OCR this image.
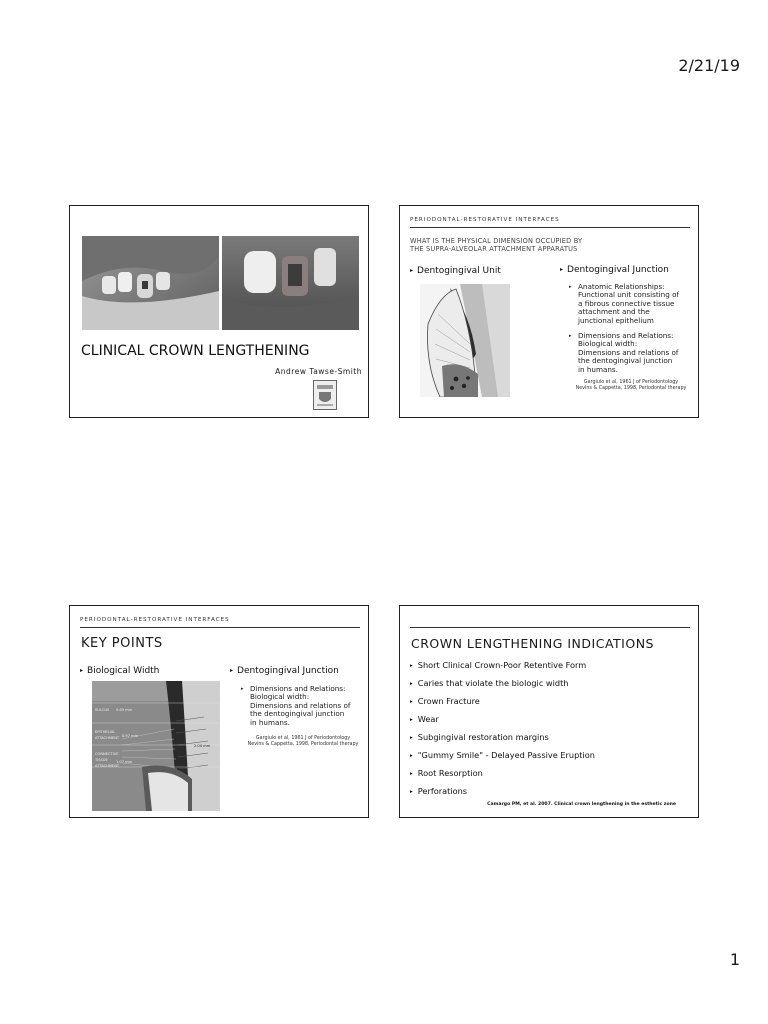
2/21/19
1
CLINICAL CROWN LENGTHENING
Andrew Tawse-Smith
PERIODONTAL-RESTORATIVE INTERFACES
WHAT IS THE PHYSICAL DIMENSION OCCUPIED BY
THE SUPRA-ALVEOLAR ATTACHMENT APPARATUS
▸ Dentogingival Unit	▸ Dentogingival Junction
▸ Anatomic Relationships:
Functional unit consisting of
a fibrous connective tissue
attachment and the
junctional epithelium
▸ Dimensions and Relations:
Biological width:
Dimensions and relations of
the dentogingival junction
in humans.
Gargiulo et al, 1961 J of Periodontology
Nevins & Cappetta, 1998, Periodontal therapy
PERIODONTAL-RESTORATIVE INTERFACES
KEY POINTS
▸ Biological Width	▸ Dentogingival Junction
SULCUS 0.69 mm
EPITHELIAL
ATTACHMENT 0.97 mm
CONNECTIVE
TISSUE
ATTACHMENT
1.07 mm
2.04 mm
▸ Dimensions and Relations:
Biological width:
Dimensions and relations of
the dentogingival junction
in humans.
Gargiulo et al, 1961 J of Periodontology
Nevins & Cappetta, 1998, Periodontal therapy
CROWN LENGTHENING INDICATIONS
▸ Short Clinical Crown-Poor Retentive Form
▸ Caries that violate the biologic width
▸ Crown Fracture
▸ Wear
▸ Subgingival restoration margins
▸ "Gummy Smile" - Delayed Passive Eruption
▸ Root Resorption
▸ Perforations
Camargo PM, et al. 2007. Clinical crown lengthening in the esthetic zone
